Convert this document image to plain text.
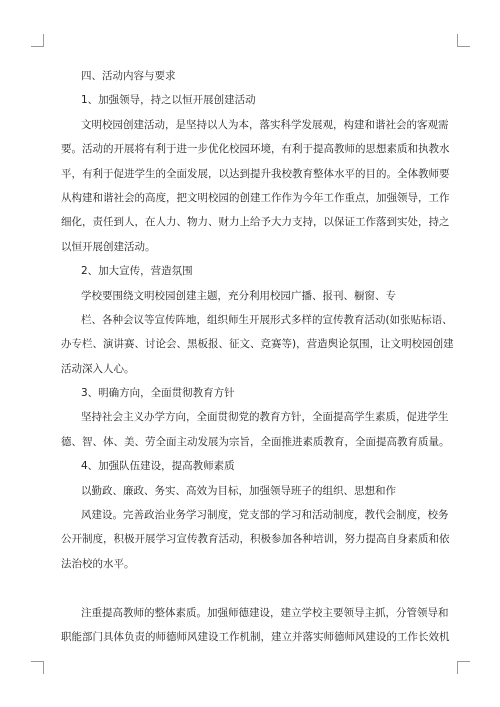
四、活动内容与要求
1、加强领导，持之以恒开展创建活动
文明校园创建活动，是坚持以人为本，落实科学发展观，构建和谐社会的客观需
要。活动的开展将有利于进一步优化校园环境，有利于提高教师的思想素质和执教水
平，有利于促进学生的全面发展，以达到提升我校教育整体水平的目的。全体教师要
从构建和谐社会的高度，把文明校园的创建工作作为今年工作重点，加强领导，工作
细化，责任到人，在人力、物力、财力上给予大力支持，以保证工作落到实处，持之
以恒开展创建活动。
2、加大宣传，营造氛围
学校要围绕文明校园创建主题，充分利用校园广播、报刊、橱窗、专
栏、各种会议等宣传阵地，组织师生开展形式多样的宣传教育活动(如张贴标语、
办专栏、演讲赛、讨论会、黑板报、征文、竞赛等)，营造舆论氛围，让文明校园创建
活动深入人心。
3、明确方向，全面贯彻教育方针
坚持社会主义办学方向，全面贯彻党的教育方针，全面提高学生素质，促进学生
德、智、体、美、劳全面主动发展为宗旨，全面推进素质教育，全面提高教育质量。
4、加强队伍建设，提高教师素质
以勤政、廉政、务实、高效为目标，加强领导班子的组织、思想和作
风建设。完善政治业务学习制度，党支部的学习和活动制度，教代会制度，校务
公开制度，积极开展学习宣传教育活动，积极参加各种培训，努力提高自身素质和依
法治校的水平。
注重提高教师的整体素质。加强师德建设，建立学校主要领导主抓，分管领导和
职能部门具体负责的师德师风建设工作机制，建立并落实师德师风建设的工作长效机
